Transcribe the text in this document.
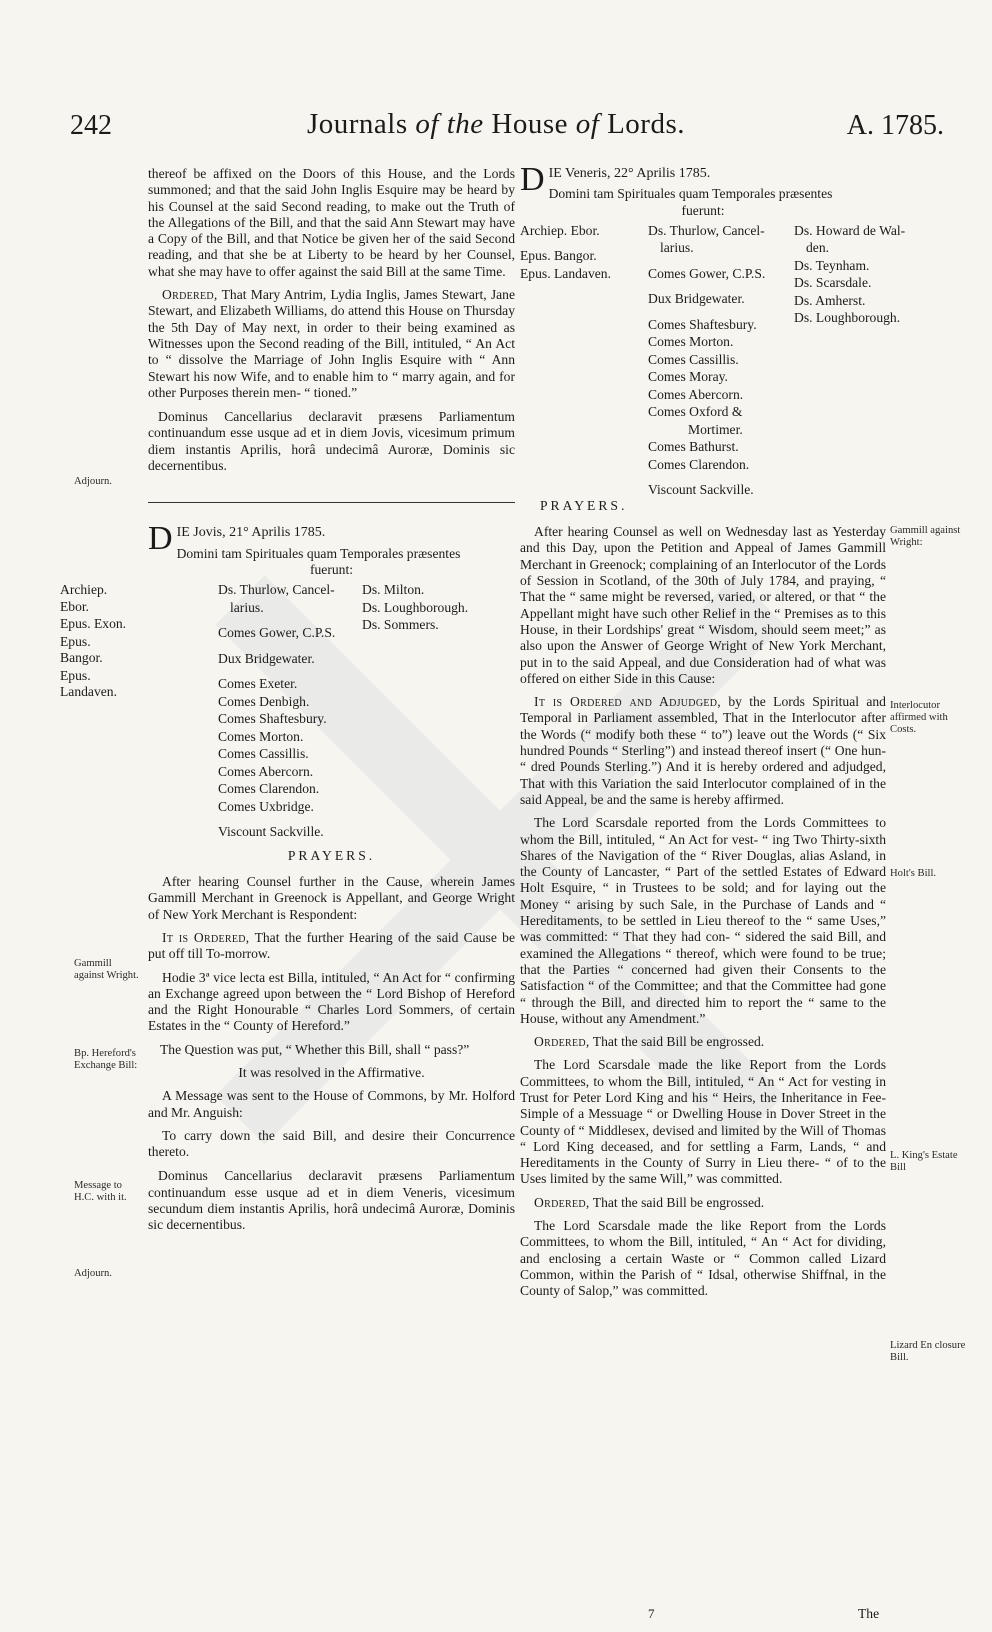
242	Journals of the House of Lords.	A. 1785.

thereof be affixed on the Doors of this House, and the Lords summoned; and that the said John Inglis Esquire may be heard by his Counsel at the said Second reading, to make out the Truth of the Allegations of the Bill, and that the said Ann Stewart may have a Copy of the Bill, and that Notice be given her of the said Second reading, and that she be at Liberty to be heard by her Counsel, what she may have to offer against the said Bill at the same Time.

Ordered, That Mary Antrim, Lydia Inglis, James Stewart, Jane Stewart, and Elizabeth Williams, do attend this House on Thursday the 5th Day of May next, in order to their being examined as Witnesses upon the Second reading of the Bill, intituled, “ An Act to “ dissolve the Marriage of John Inglis Esquire with “ Ann Stewart his now Wife, and to enable him to “ marry again, and for other Purposes therein men- “ tioned.”

Dominus Cancellarius declaravit præsens Parliamentum continuandum esse usque ad et in diem Jovis, vicesimum primum diem instantis Aprilis, horâ undecimâ Auroræ, Dominis sic decernentibus.

D IE Jovis, 21° Aprilis 1785.
Domini tam Spirituales quam Temporales præsentes
fuerunt:
Archiep. Ebor.
Epus. Exon.
Epus. Bangor.
Epus. Landaven.
Ds. Thurlow, Cancel-
larius.
Comes Gower, C.P.S.
Dux Bridgewater.
Comes Exeter.
Comes Denbigh.
Comes Shaftesbury.
Comes Morton.
Comes Cassillis.
Comes Abercorn.
Comes Clarendon.
Comes Uxbridge.
Viscount Sackville.
Ds. Milton.
Ds. Loughborough.
Ds. Sommers.
PRAYERS.

After hearing Counsel further in the Cause, wherein James Gammill Merchant in Greenock is Appellant, and George Wright of New York Merchant is Respondent:

It is Ordered, That the further Hearing of the said Cause be put off till To-morrow.

Hodie 3ª vice lecta est Billa, intituled, “ An Act for “ confirming an Exchange agreed upon between the “ Lord Bishop of Hereford and the Right Honourable “ Charles Lord Sommers, of certain Estates in the “ County of Hereford.”

The Question was put, “ Whether this Bill, shall “ pass?”

It was resolved in the Affirmative.

A Message was sent to the House of Commons, by Mr. Holford and Mr. Anguish:

To carry down the said Bill, and desire their Concurrence thereto.

Dominus Cancellarius declaravit præsens Parliamentum continuandum esse usque ad et in diem Veneris, vicesimum secundum diem instantis Aprilis, horâ undecimâ Auroræ, Dominis sic decernentibus.

D IE Veneris, 22° Aprilis 1785.
Domini tam Spirituales quam Temporales præsentes
fuerunt:
Archiep. Ebor.
Epus. Bangor.
Epus. Landaven.
Ds. Thurlow, Cancel-
larius.
Comes Gower, C.P.S.
Dux Bridgewater.
Comes Shaftesbury.
Comes Morton.
Comes Cassillis.
Comes Moray.
Comes Abercorn.
Comes Oxford &
Mortimer.
Comes Bathurst.
Comes Clarendon.
Viscount Sackville.
Ds. Howard de Wal-
den.
Ds. Teynham.
Ds. Scarsdale.
Ds. Amherst.
Ds. Loughborough.
PRAYERS.

After hearing Counsel as well on Wednesday last as Yesterday and this Day, upon the Petition and Appeal of James Gammill Merchant in Greenock; complaining of an Interlocutor of the Lords of Session in Scotland, of the 30th of July 1784, and praying, “ That the “ same might be reversed, varied, or altered, or that “ the Appellant might have such other Relief in the “ Premises as to this House, in their Lordships' great “ Wisdom, should seem meet;” as also upon the Answer of George Wright of New York Merchant, put in to the said Appeal, and due Consideration had of what was offered on either Side in this Cause:

It is Ordered and Adjudged, by the Lords Spiritual and Temporal in Parliament assembled, That in the Interlocutor after the Words (“ modify both these “ to”) leave out the Words (“ Six hundred Pounds “ Sterling”) and instead thereof insert (“ One hun- “ dred Pounds Sterling.”) And it is hereby ordered and adjudged, That with this Variation the said Interlocutor complained of in the said Appeal, be and the same is hereby affirmed.

The Lord Scarsdale reported from the Lords Committees to whom the Bill, intituled, “ An Act for vest- “ ing Two Thirty-sixth Shares of the Navigation of the “ River Douglas, alias Asland, in the County of Lancaster, “ Part of the settled Estates of Edward Holt Esquire, “ in Trustees to be sold; and for laying out the Money “ arising by such Sale, in the Purchase of Lands and “ Hereditaments, to be settled in Lieu thereof to the “ same Uses,” was committed: “ That they had con- “ sidered the said Bill, and examined the Allegations “ thereof, which were found to be true; that the Parties “ concerned had given their Consents to the Satisfaction “ of the Committee; and that the Committee had gone “ through the Bill, and directed him to report the “ same to the House, without any Amendment.”

Ordered, That the said Bill be engrossed.

The Lord Scarsdale made the like Report from the Lords Committees, to whom the Bill, intituled, “ An “ Act for vesting in Trust for Peter Lord King and his “ Heirs, the Inheritance in Fee-Simple of a Messuage “ or Dwelling House in Dover Street in the County of “ Middlesex, devised and limited by the Will of Thomas “ Lord King deceased, and for settling a Farm, Lands, “ and Hereditaments in the County of Surry in Lieu there- “ of to the Uses limited by the same Will,” was committed.

Ordered, That the said Bill be engrossed.

The Lord Scarsdale made the like Report from the Lords Committees, to whom the Bill, intituled, “ An “ Act for dividing, and enclosing a certain Waste or “ Common called Lizard Common, within the Parish of “ Idsal, otherwise Shiffnal, in the County of Salop,” was committed.

Adjourn.
Gammill against Wright.
Bp. Hereford's Exchange Bill:
Message to H.C. with it.
Adjourn.
Gammill against Wright:
Interlocutor affirmed with Costs.
Holt's Bill.
L. King's Estate Bill
Lizard En closure Bill.
7	The
